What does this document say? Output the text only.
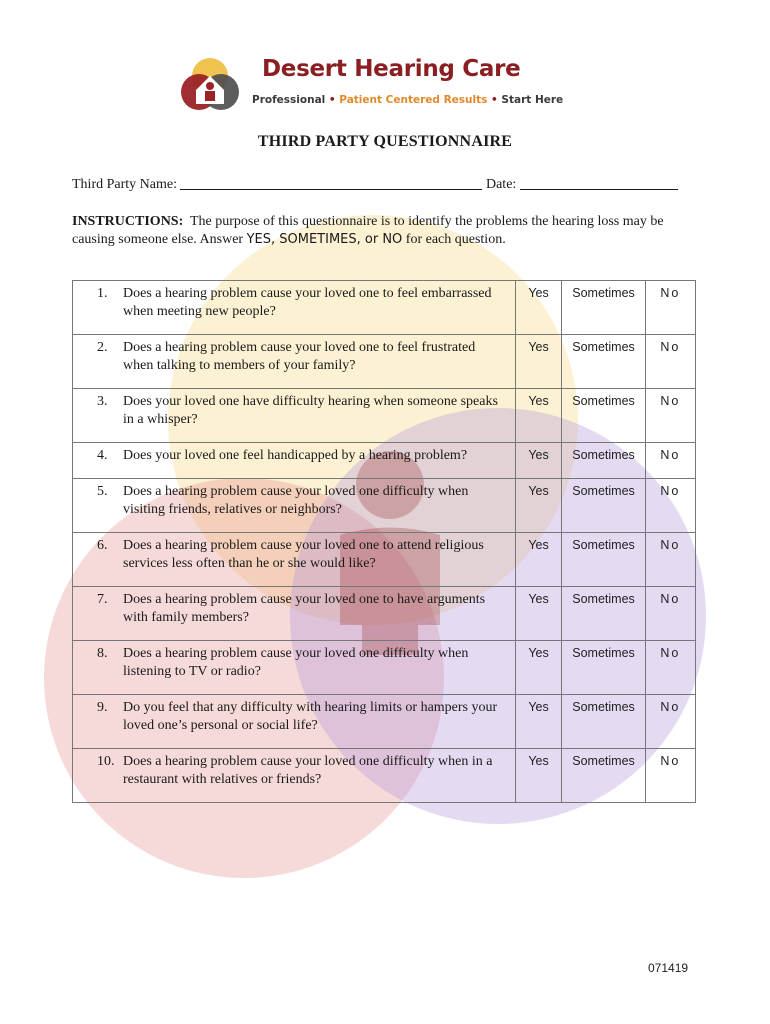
Desert Hearing Care
Professional • Patient Centered Results • Start Here
THIRD PARTY QUESTIONNAIRE
Third Party Name:	Date:
INSTRUCTIONS: The purpose of this questionnaire is to identify the problems the hearing loss may be causing someone else. Answer YES, SOMETIMES, or NO for each question.
1. Does a hearing problem cause your loved one to feel embarrassed when meeting new people?	Yes	Sometimes	No

2. Does a hearing problem cause your loved one to feel frustrated when talking to members of your family?	Yes	Sometimes	No

3. Does your loved one have difficulty hearing when someone speaks in a whisper?	Yes	Sometimes	No

4. Does your loved one feel handicapped by a hearing problem?	Yes	Sometimes	No

5. Does a hearing problem cause your loved one difficulty when visiting friends, relatives or neighbors?	Yes	Sometimes	No

6. Does a hearing problem cause your loved one to attend religious services less often than he or she would like?	Yes	Sometimes	No

7. Does a hearing problem cause your loved one to have arguments with family members?	Yes	Sometimes	No

8. Does a hearing problem cause your loved one difficulty when listening to TV or radio?	Yes	Sometimes	No

9. Do you feel that any difficulty with hearing limits or hampers your loved one’s personal or social life?	Yes	Sometimes	No

10. Does a hearing problem cause your loved one difficulty when in a restaurant with relatives or friends?	Yes	Sometimes	No
071419
